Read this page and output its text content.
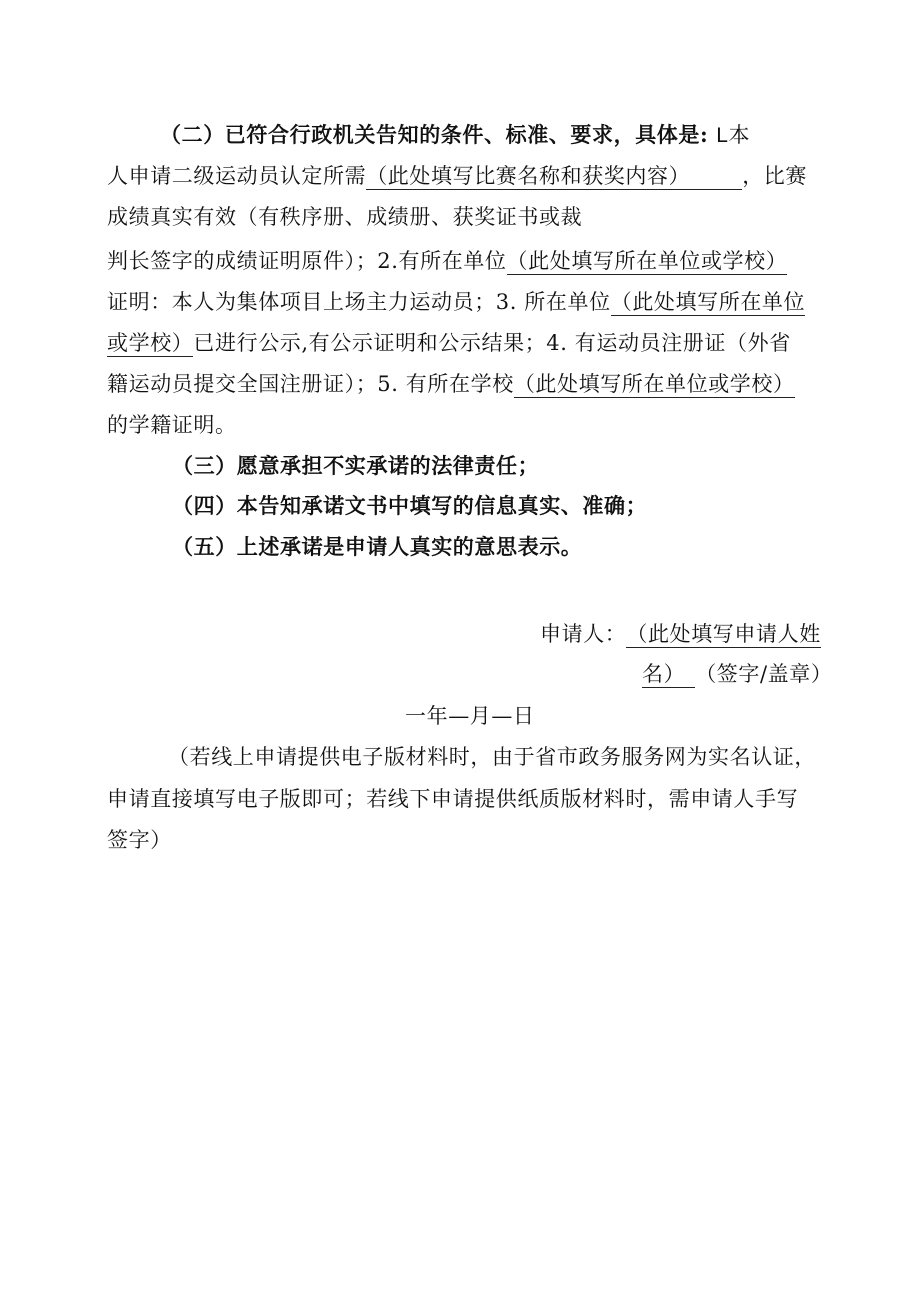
（二）已符合行政机关告知的条件、标准、要求，具体是: L本
人申请二级运动员认定所需（此处填写比赛名称和获奖内容） ，比赛
成绩真实有效（有秩序册、成绩册、获奖证书或裁
判长签字的成绩证明原件）；2.有所在单位（此处填写所在单位或学校）
证明：本人为集体项目上场主力运动员；3. 所在单位（此处填写所在单位
或学校）已进行公示,有公示证明和公示结果；4. 有运动员注册证（外省
籍运动员提交全国注册证）；5. 有所在学校（此处填写所在单位或学校）
的学籍证明。
（三）愿意承担不实承诺的法律责任；
（四）本告知承诺文书中填写的信息真实、准确；
（五）上述承诺是申请人真实的意思表示。
申请人：（此处填写申请人姓
名） （签字/盖章）
一年—月—日
（若线上申请提供电子版材料时，由于省市政务服务网为实名认证，
申请直接填写电子版即可；若线下申请提供纸质版材料时，需申请人手写
签字）
